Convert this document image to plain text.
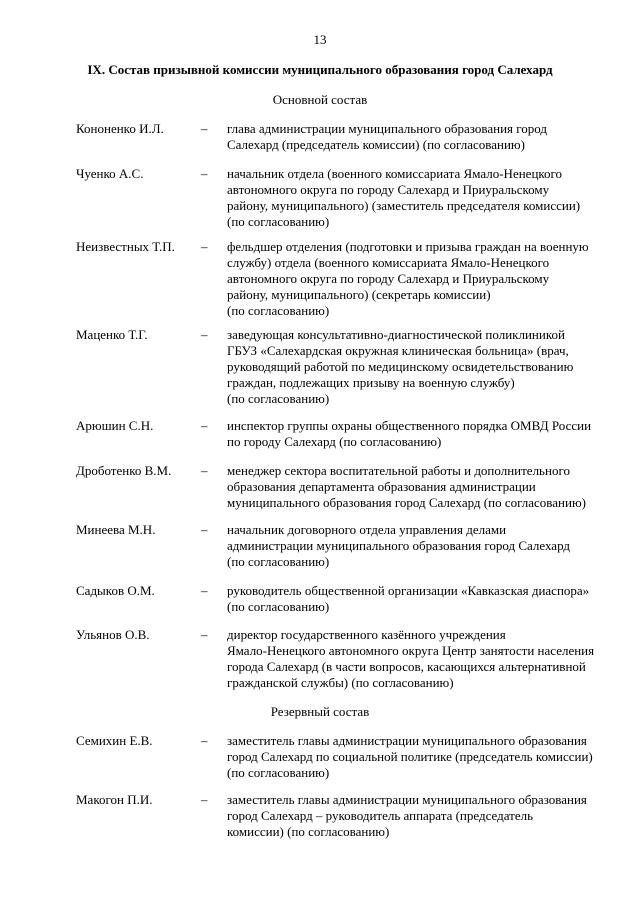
13
IX. Состав призывной комиссии муниципального образования город Салехард
Основной состав
Кононенко И.Л.	– глава администрации муниципального образования город
Салехард (председатель комиссии) (по согласованию)
Чуенко А.С.	– начальник отдела (военного комиссариата Ямало-Ненецкого
автономного округа по городу Салехард и Приуральскому
району, муниципального) (заместитель председателя комиссии)
(по согласованию)
Неизвестных Т.П. – фельдшер отделения (подготовки и призыва граждан на военную
службу) отдела (военного комиссариата Ямало-Ненецкого
автономного округа по городу Салехард и Приуральскому
району, муниципального) (секретарь комиссии)
(по согласованию)
Маценко Т.Г.	– заведующая консультативно-диагностической поликлиникой
ГБУЗ «Салехардская окружная клиническая больница» (врач,
руководящий работой по медицинскому освидетельствованию
граждан, подлежащих призыву на военную службу)
(по согласованию)
Арюшин С.Н.	– инспектор группы охраны общественного порядка ОМВД России
по городу Салехард (по согласованию)
Дроботенко В.М. – менеджер сектора воспитательной работы и дополнительного
образования департамента образования администрации
муниципального образования город Салехард (по согласованию)
Минеева М.Н.	– начальник договорного отдела управления делами
администрации муниципального образования город Салехард
(по согласованию)
Садыков О.М.	– руководитель общественной организации «Кавказская диаспора»
(по согласованию)
Ульянов О.В.	– директор государственного казённого учреждения
Ямало-Ненецкого автономного округа Центр занятости населения
города Салехард (в части вопросов, касающихся альтернативной
гражданской службы) (по согласованию)
Резервный состав
Семихин Е.В.	– заместитель главы администрации муниципального образования
город Салехард по социальной политике (председатель комиссии)
(по согласованию)
Макогон П.И.	– заместитель главы администрации муниципального образования
город Салехард – руководитель аппарата (председатель
комиссии) (по согласованию)
